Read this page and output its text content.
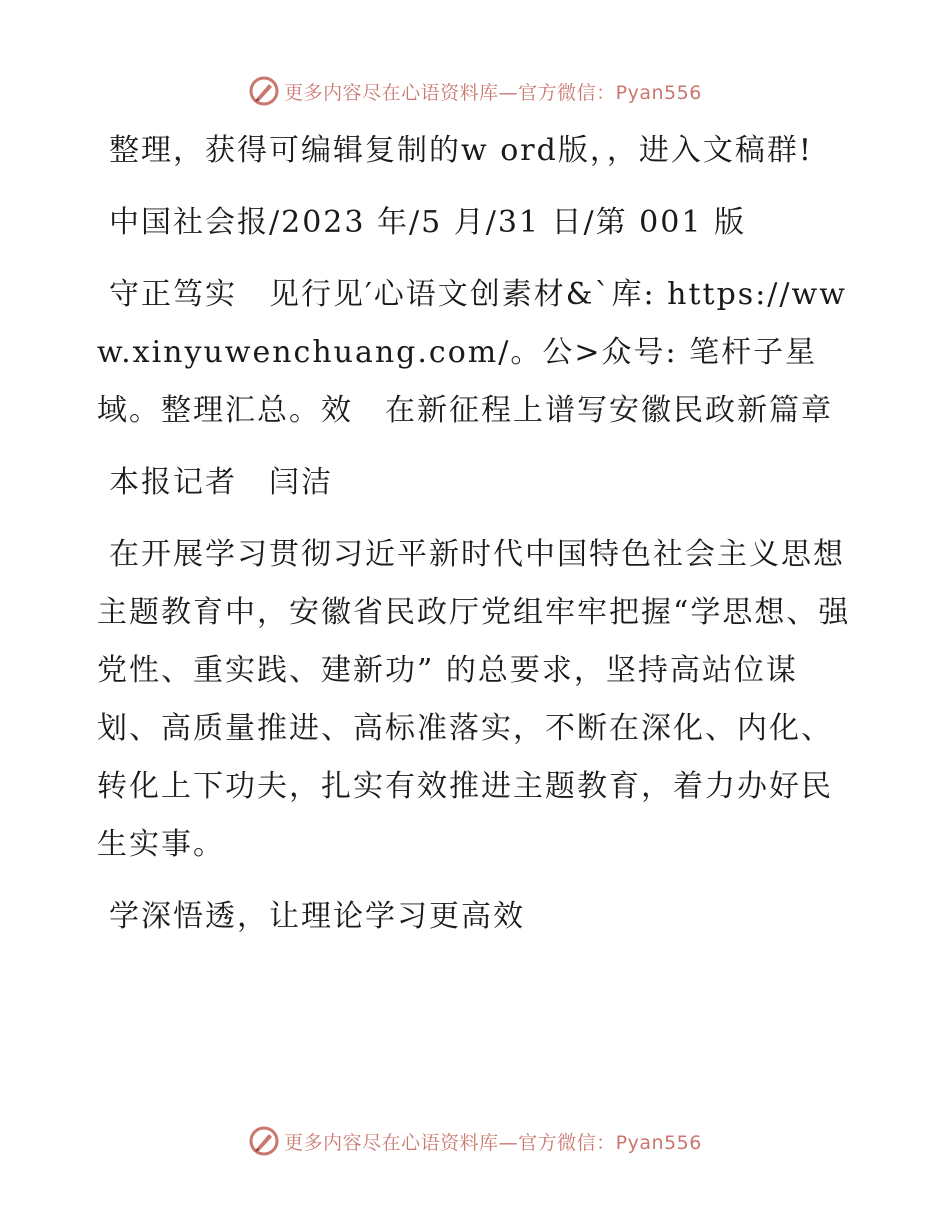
更多内容尽在心语资料库—官方微信：Pyan556

整理，获得可编辑复制的w ord版，，进入文稿群!

中国社会报/2023 年/5 月/31 日/第 001 版

守正笃实　见行见′心语文创素材&`库: https://www.xinyuwenchuang.com/。公>众号: 笔杆子星域。整理汇总。效　在新征程上谱写安徽民政新篇章

本报记者　闫洁

在开展学习贯彻习近平新时代中国特色社会主义思想主题教育中，安徽省民政厅党组牢牢把握“学思想、强党性、重实践、建新功” 的总要求，坚持高站位谋划、高质量推进、高标准落实，不断在深化、内化、转化上下功夫，扎实有效推进主题教育，着力办好民生实事。

学深悟透，让理论学习更高效

更多内容尽在心语资料库—官方微信：Pyan556
